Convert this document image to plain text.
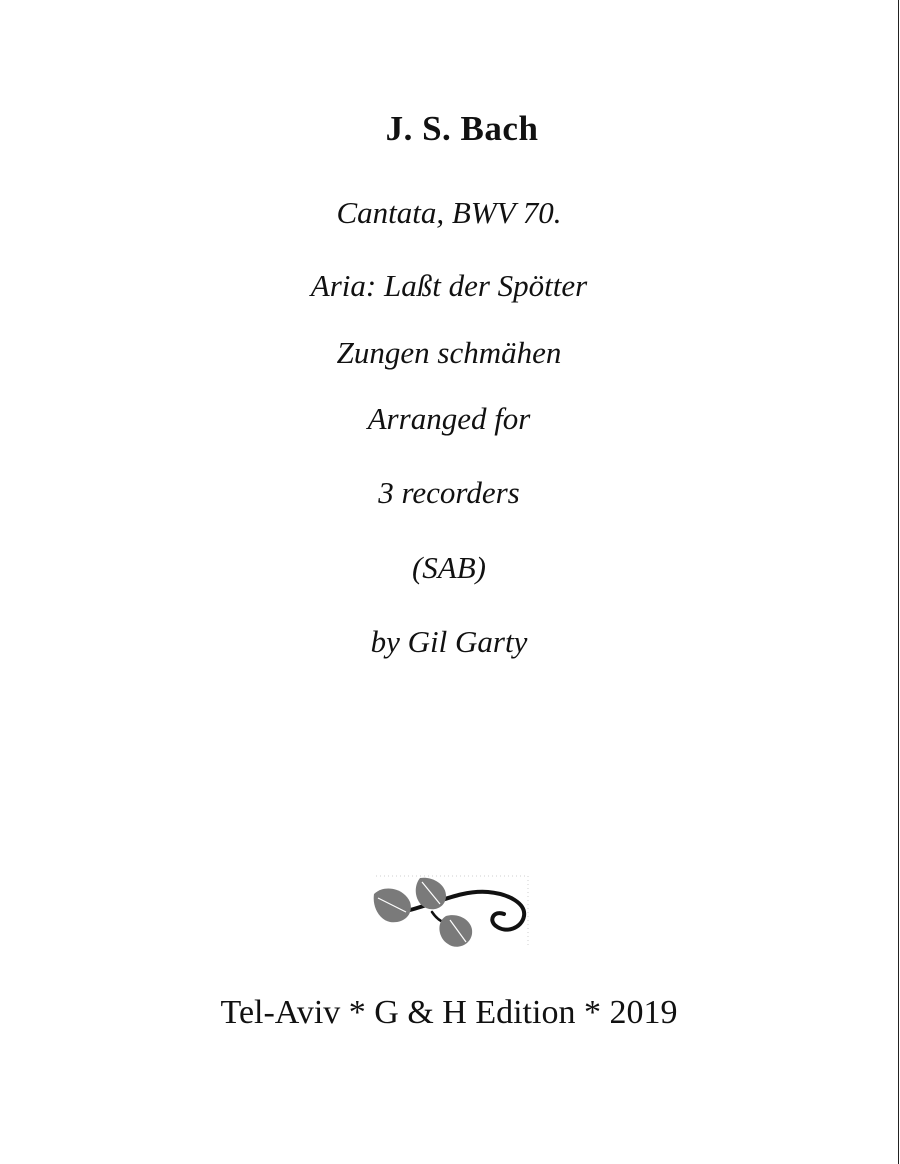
J. S. Bach
Cantata, BWV 70.
Aria: Laßt der Spötter
Zungen schmähen
Arranged for
3 recorders
(SAB)
by Gil Garty
Tel-Aviv * G & H Edition * 2019
